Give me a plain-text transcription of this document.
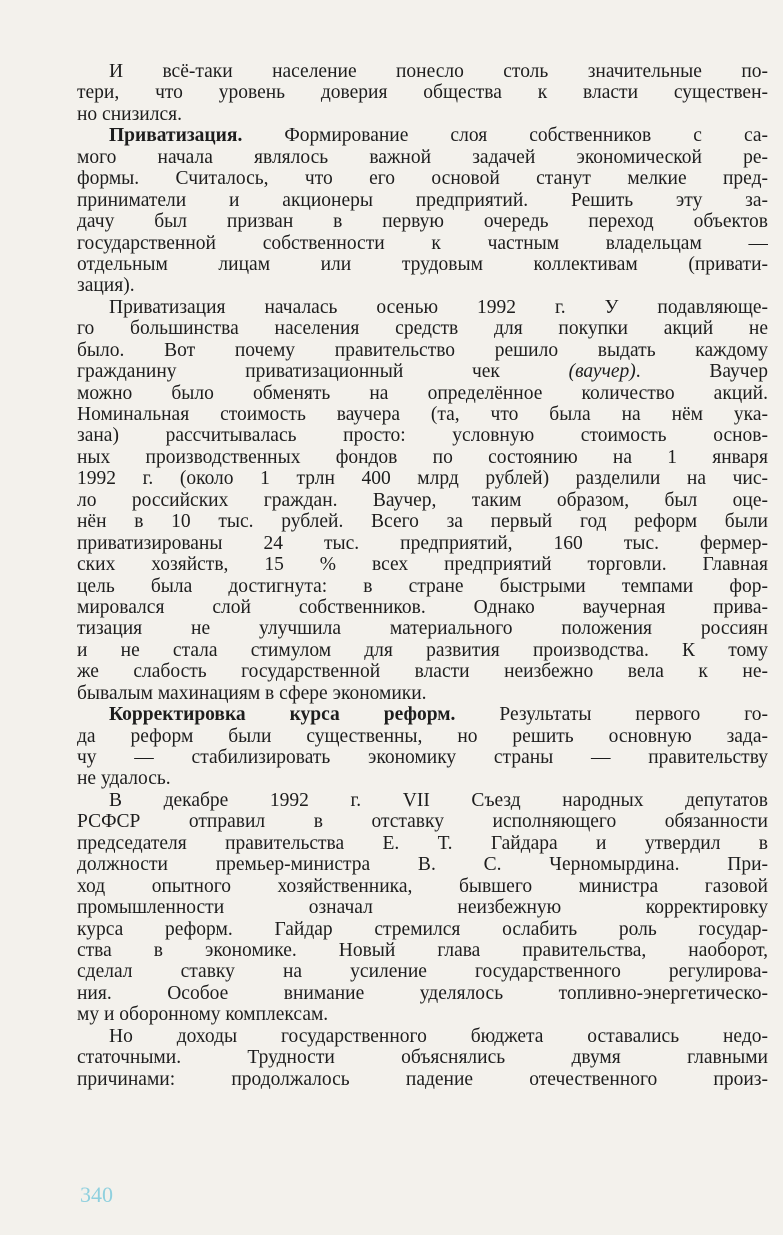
И всё-таки население понесло столь значительные по-
тери, что уровень доверия общества к власти существен-
но снизился.
Приватизация. Формирование слоя собственников с са-
мого начала являлось важной задачей экономической ре-
формы. Считалось, что его основой станут мелкие пред-
приниматели и акционеры предприятий. Решить эту за-
дачу был призван в первую очередь переход объектов
государственной собственности к частным владельцам —
отдельным лицам или трудовым коллективам (привати-
зация).
Приватизация началась осенью 1992 г. У подавляюще-
го большинства населения средств для покупки акций не
было. Вот почему правительство решило выдать каждому
гражданину приватизационный чек (ваучер). Ваучер
можно было обменять на определённое количество акций.
Номинальная стоимость ваучера (та, что была на нём ука-
зана) рассчитывалась просто: условную стоимость основ-
ных производственных фондов по состоянию на 1 января
1992 г. (около 1 трлн 400 млрд рублей) разделили на чис-
ло российских граждан. Ваучер, таким образом, был оце-
нён в 10 тыс. рублей. Всего за первый год реформ были
приватизированы 24 тыс. предприятий, 160 тыс. фермер-
ских хозяйств, 15 % всех предприятий торговли. Главная
цель была достигнута: в стране быстрыми темпами фор-
мировался слой собственников. Однако ваучерная прива-
тизация не улучшила материального положения россиян
и не стала стимулом для развития производства. К тому
же слабость государственной власти неизбежно вела к не-
бывалым махинациям в сфере экономики.
Корректировка курса реформ. Результаты первого го-
да реформ были существенны, но решить основную зада-
чу — стабилизировать экономику страны — правительству
не удалось.
В декабре 1992 г. VII Съезд народных депутатов
РСФСР отправил в отставку исполняющего обязанности
председателя правительства Е. Т. Гайдара и утвердил в
должности премьер-министра В. С. Черномырдина. При-
ход опытного хозяйственника, бывшего министра газовой
промышленности означал неизбежную корректировку
курса реформ. Гайдар стремился ослабить роль государ-
ства в экономике. Новый глава правительства, наоборот,
сделал ставку на усиление государственного регулирова-
ния. Особое внимание уделялось топливно-энергетическо-
му и оборонному комплексам.
Но доходы государственного бюджета оставались недо-
статочными. Трудности объяснялись двумя главными
причинами: продолжалось падение отечественного произ-
340
